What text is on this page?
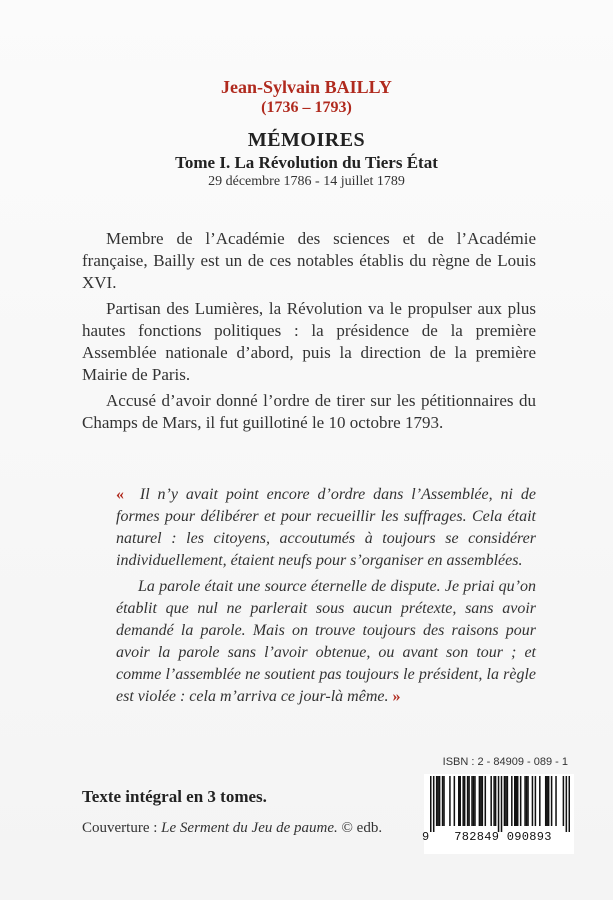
Jean-Sylvain BAILLY
(1736 – 1793)
MÉMOIRES
Tome I. La Révolution du Tiers État
29 décembre 1786 - 14 juillet 1789

Membre de l’Académie des sciences et de l’Académie française, Bailly est un de ces notables établis du règne de Louis XVI.

Partisan des Lumières, la Révolution va le propulser aux plus hautes fonctions politiques : la présidence de la première Assemblée nationale d’abord, puis la direction de la première Mairie de Paris.

Accusé d’avoir donné l’ordre de tirer sur les pétitionnaires du Champs de Mars, il fut guillotiné le 10 octobre 1793.

« Il n’y avait point encore d’ordre dans l’Assemblée, ni de formes pour délibérer et pour recueillir les suffrages. Cela était naturel : les citoyens, accoutumés à toujours se considérer individuellement, étaient neufs pour s’organiser en assemblées.

La parole était une source éternelle de dispute. Je priai qu’on établit que nul ne parlerait sous aucun prétexte, sans avoir demandé la parole. Mais on trouve toujours des raisons pour avoir la parole sans l’avoir obtenue, ou avant son tour ; et comme l’assemblée ne soutient pas toujours le président, la règle est violée : cela m’arriva ce jour-là même. »

Texte intégral en 3 tomes.
Couverture : Le Serment du Jeu de paume. © edb.
ISBN : 2 - 84909 - 089 - 1
9	782849 090893
